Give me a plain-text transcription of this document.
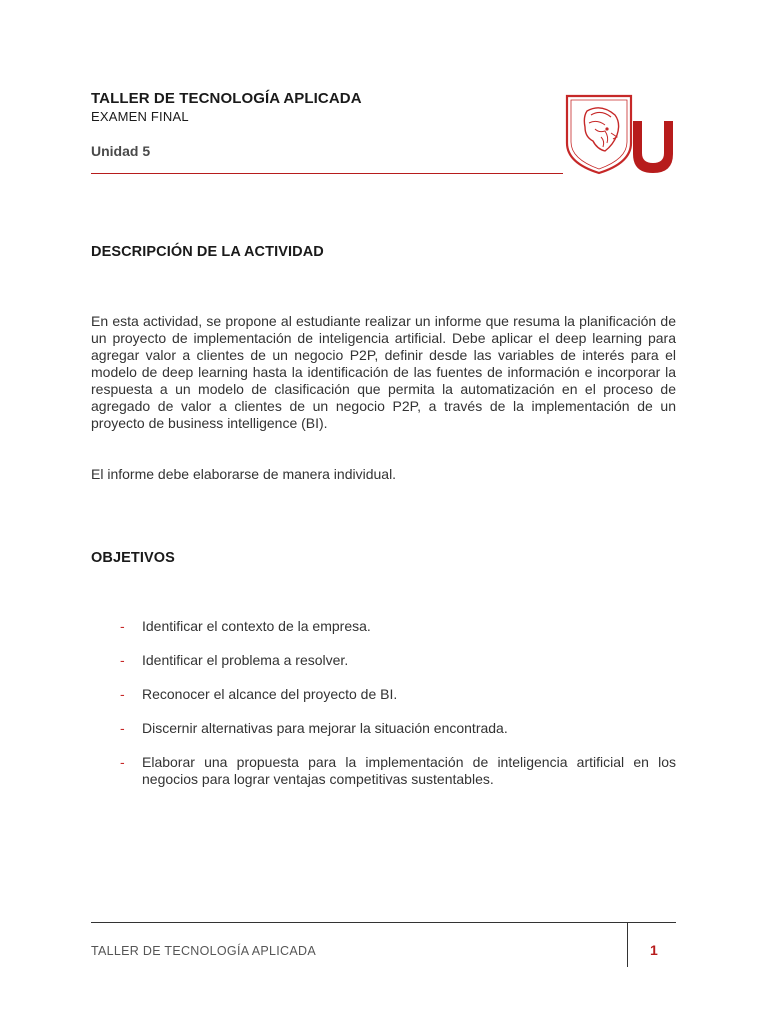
TALLER DE TECNOLOGÍA APLICADA
EXAMEN FINAL
Unidad 5
DESCRIPCIÓN DE LA ACTIVIDAD

En esta actividad, se propone al estudiante realizar un informe que resuma la planificación de un proyecto de implementación de inteligencia artificial. Debe aplicar el deep learning para agregar valor a clientes de un negocio P2P, definir desde las variables de interés para el modelo de deep learning hasta la identificación de las fuentes de información e incorporar la respuesta a un modelo de clasificación que permita la automatización en el proceso de agregado de valor a clientes de un negocio P2P, a través de la implementación de un proyecto de business intelligence (BI).

El informe debe elaborarse de manera individual.

OBJETIVOS
- Identificar el contexto de la empresa.
- Identificar el problema a resolver.
- Reconocer el alcance del proyecto de BI.
- Discernir alternativas para mejorar la situación encontrada.
- Elaborar una propuesta para la implementación de inteligencia artificial en los negocios para lograr ventajas competitivas sustentables.
TALLER DE TECNOLOGÍA APLICADA	1
